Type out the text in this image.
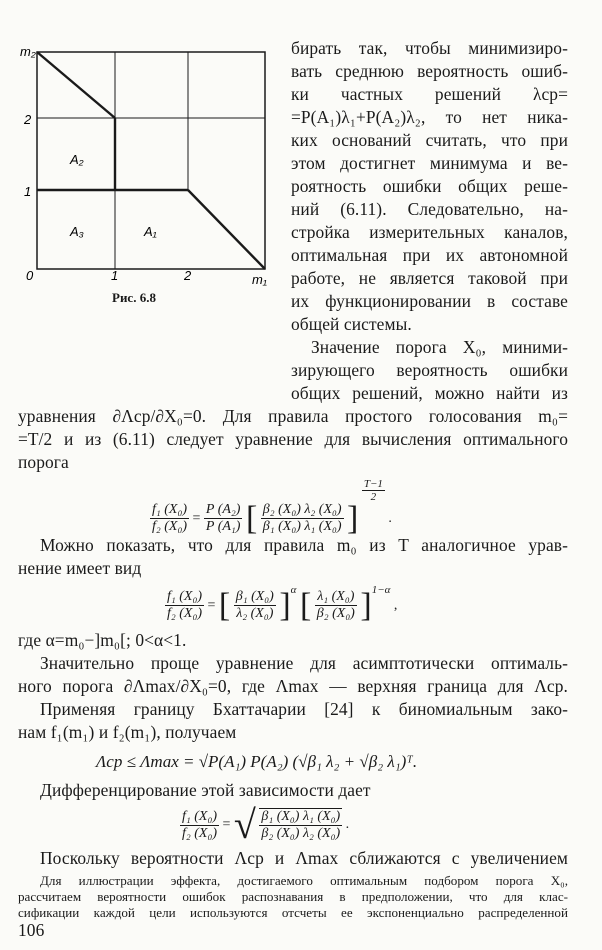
m₂
2
1
0	1	2	m₁
A₂
A₃	A₁
Рис. 6.8
бирать так, чтобы минимизиро-
вать среднюю вероятность ошиб-
ки частных решений λср=
=P(A₁)λ₁+P(A₂)λ₂, то нет ника-
ких оснований считать, что при
этом достигнет минимума и ве-
роятность ошибки общих реше-
ний (6.11). Следовательно, на-
стройка измерительных каналов,
оптимальная при их автономной
работе, не является таковой при
их функционировании в составе
общей системы.
Значение порога X₀, миними-
зирующего вероятность ошибки
общих решений, можно найти из
уравнения ∂Λср/∂X₀=0. Для правила простого голосования m₀=
=T/2 и из (6.11) следует уравнение для вычисления оптимального
порога
$\frac{\text{f₁ (X₀)}}{\text{f₂ (X₀)}} = \frac{\text{P (A₂)}}{\text{P (A₁)}}$ [ $\frac{\text{β₂ (X₀) λ₂ (X₀)}}{\text{β₁ (X₀) λ₁ (X₀)}}$ ]
$\frac{T-1}{2}$
.
Можно показать, что для правила m₀ из T аналогичное урав-
нение имеет вид
$\frac{\text{f₁ (X₀)}}{\text{f₂ (X₀)}}$ = [ $\frac{\text{β₁ (X₀)}}{\text{λ₂ (X₀)}} ]^\alpha$ [ $\frac{\text{λ₁ (X₀)}}{\text{β₂ (X₀)}} ]^{1-\alpha}$ ,
где α=m₀−]m₀[; 0<α<1.
Значительно проще уравнение для асимптотически оптималь-
ного порога ∂Λmax/∂X₀=0, где Λmax — верхняя граница для Λср.
Применяя границу Бхаттачарии [24] к биномиальным зако-
нам f₁(m₁) и f₂(m₁), получаем
Λср ≤ Λmax = √P(A₁) P(A₂) (√β₁ λ₂ + √β₂ λ₁)ᵀ.
Дифференцирование этой зависимости дает
$\frac{\text{f₁ (X₀)}}{\text{f₂ (X₀)}}$ = √ $\frac{\text{β₁ (X₀) λ₁ (X₀)}}{\text{β₂ (X₀) λ₂ (X₀)}}$ .
Поскольку вероятности Λср и Λmax сближаются с увеличением
Для иллюстрации эффекта, достигаемого оптимальным подбором порога X₀,
рассчитаем вероятности ошибок распознавания в предположении, что для клас-
сификации каждой цели используются отсчеты ее экспоненциально распределенной
106
